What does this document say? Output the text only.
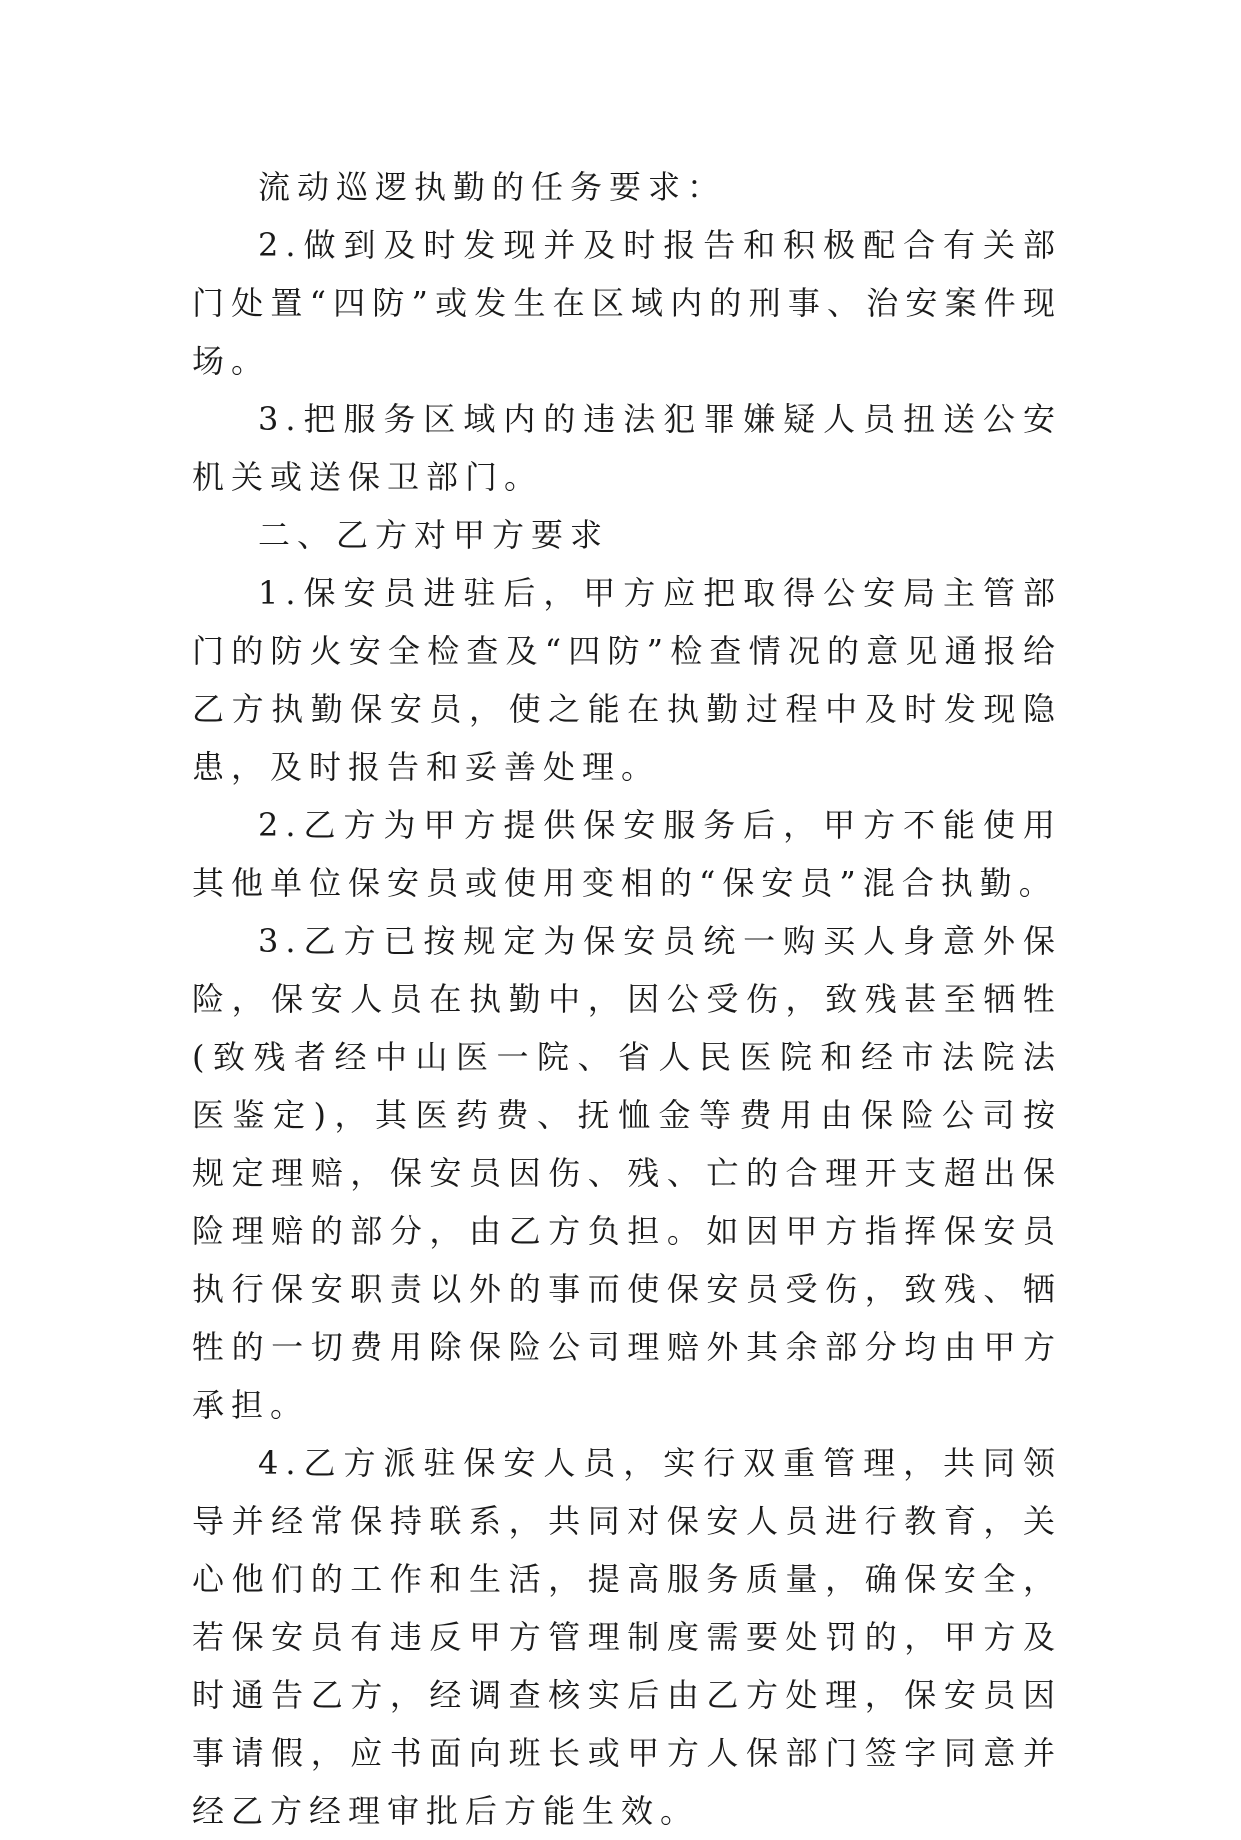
流动巡逻执勤的任务要求：

2.做到及时发现并及时报告和积极配合有关部门处置“四防”或发生在区域内的刑事、治安案件现场。

3.把服务区域内的违法犯罪嫌疑人员扭送公安机关或送保卫部门。

二、乙方对甲方要求

1.保安员进驻后，甲方应把取得公安局主管部门的防火安全检查及“四防”检查情况的意见通报给乙方执勤保安员，使之能在执勤过程中及时发现隐患，及时报告和妥善处理。

2.乙方为甲方提供保安服务后，甲方不能使用其他单位保安员或使用变相的“保安员”混合执勤。

3.乙方已按规定为保安员统一购买人身意外保险，保安人员在执勤中，因公受伤，致残甚至牺牲(致残者经中山医一院、省人民医院和经市法院法医鉴定)，其医药费、抚恤金等费用由保险公司按规定理赔，保安员因伤、残、亡的合理开支超出保险理赔的部分，由乙方负担。如因甲方指挥保安员执行保安职责以外的事而使保安员受伤，致残、牺牲的一切费用除保险公司理赔外其余部分均由甲方承担。

4.乙方派驻保安人员，实行双重管理，共同领导并经常保持联系，共同对保安人员进行教育，关心他们的工作和生活，提高服务质量，确保安全，若保安员有违反甲方管理制度需要处罚的，甲方及时通告乙方，经调查核实后由乙方处理，保安员因事请假，应书面向班长或甲方人保部门签字同意并经乙方经理审批后方能生效。
